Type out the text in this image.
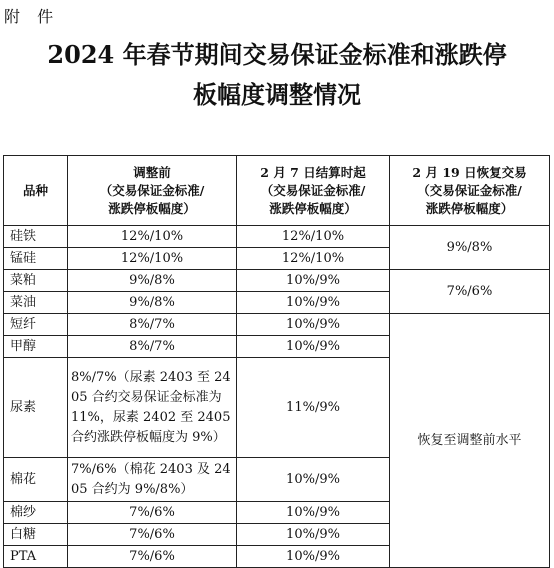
附 件
2024 年春节期间交易保证金标准和涨跌停
板幅度调整情况
品种	调整前
（交易保证金标准/
涨跌停板幅度）	2 月 7 日结算时起
（交易保证金标准/
涨跌停板幅度）	2 月 19 日恢复交易
（交易保证金标准/
涨跌停板幅度）
硅铁	12%/10%	12%/10%	9%/8%
锰硅	12%/10%	12%/10%	
菜粕	9%/8%	10%/9%	7%/6%
菜油	9%/8%	10%/9%	
短纤	8%/7%	10%/9%	恢复至调整前水平
甲醇	8%/7%	10%/9%	
尿素	8%/7%（尿素 2403 至 2405 合约交易保证金标准为 11%，尿素 2402 至 2405 合约涨跌停板幅度为 9%）	11%/9%	
棉花	7%/6%（棉花 2403 及 2405 合约为 9%/8%）	10%/9%	
棉纱	7%/6%	10%/9%	
白糖	7%/6%	10%/9%	
PTA	7%/6%	10%/9%	
